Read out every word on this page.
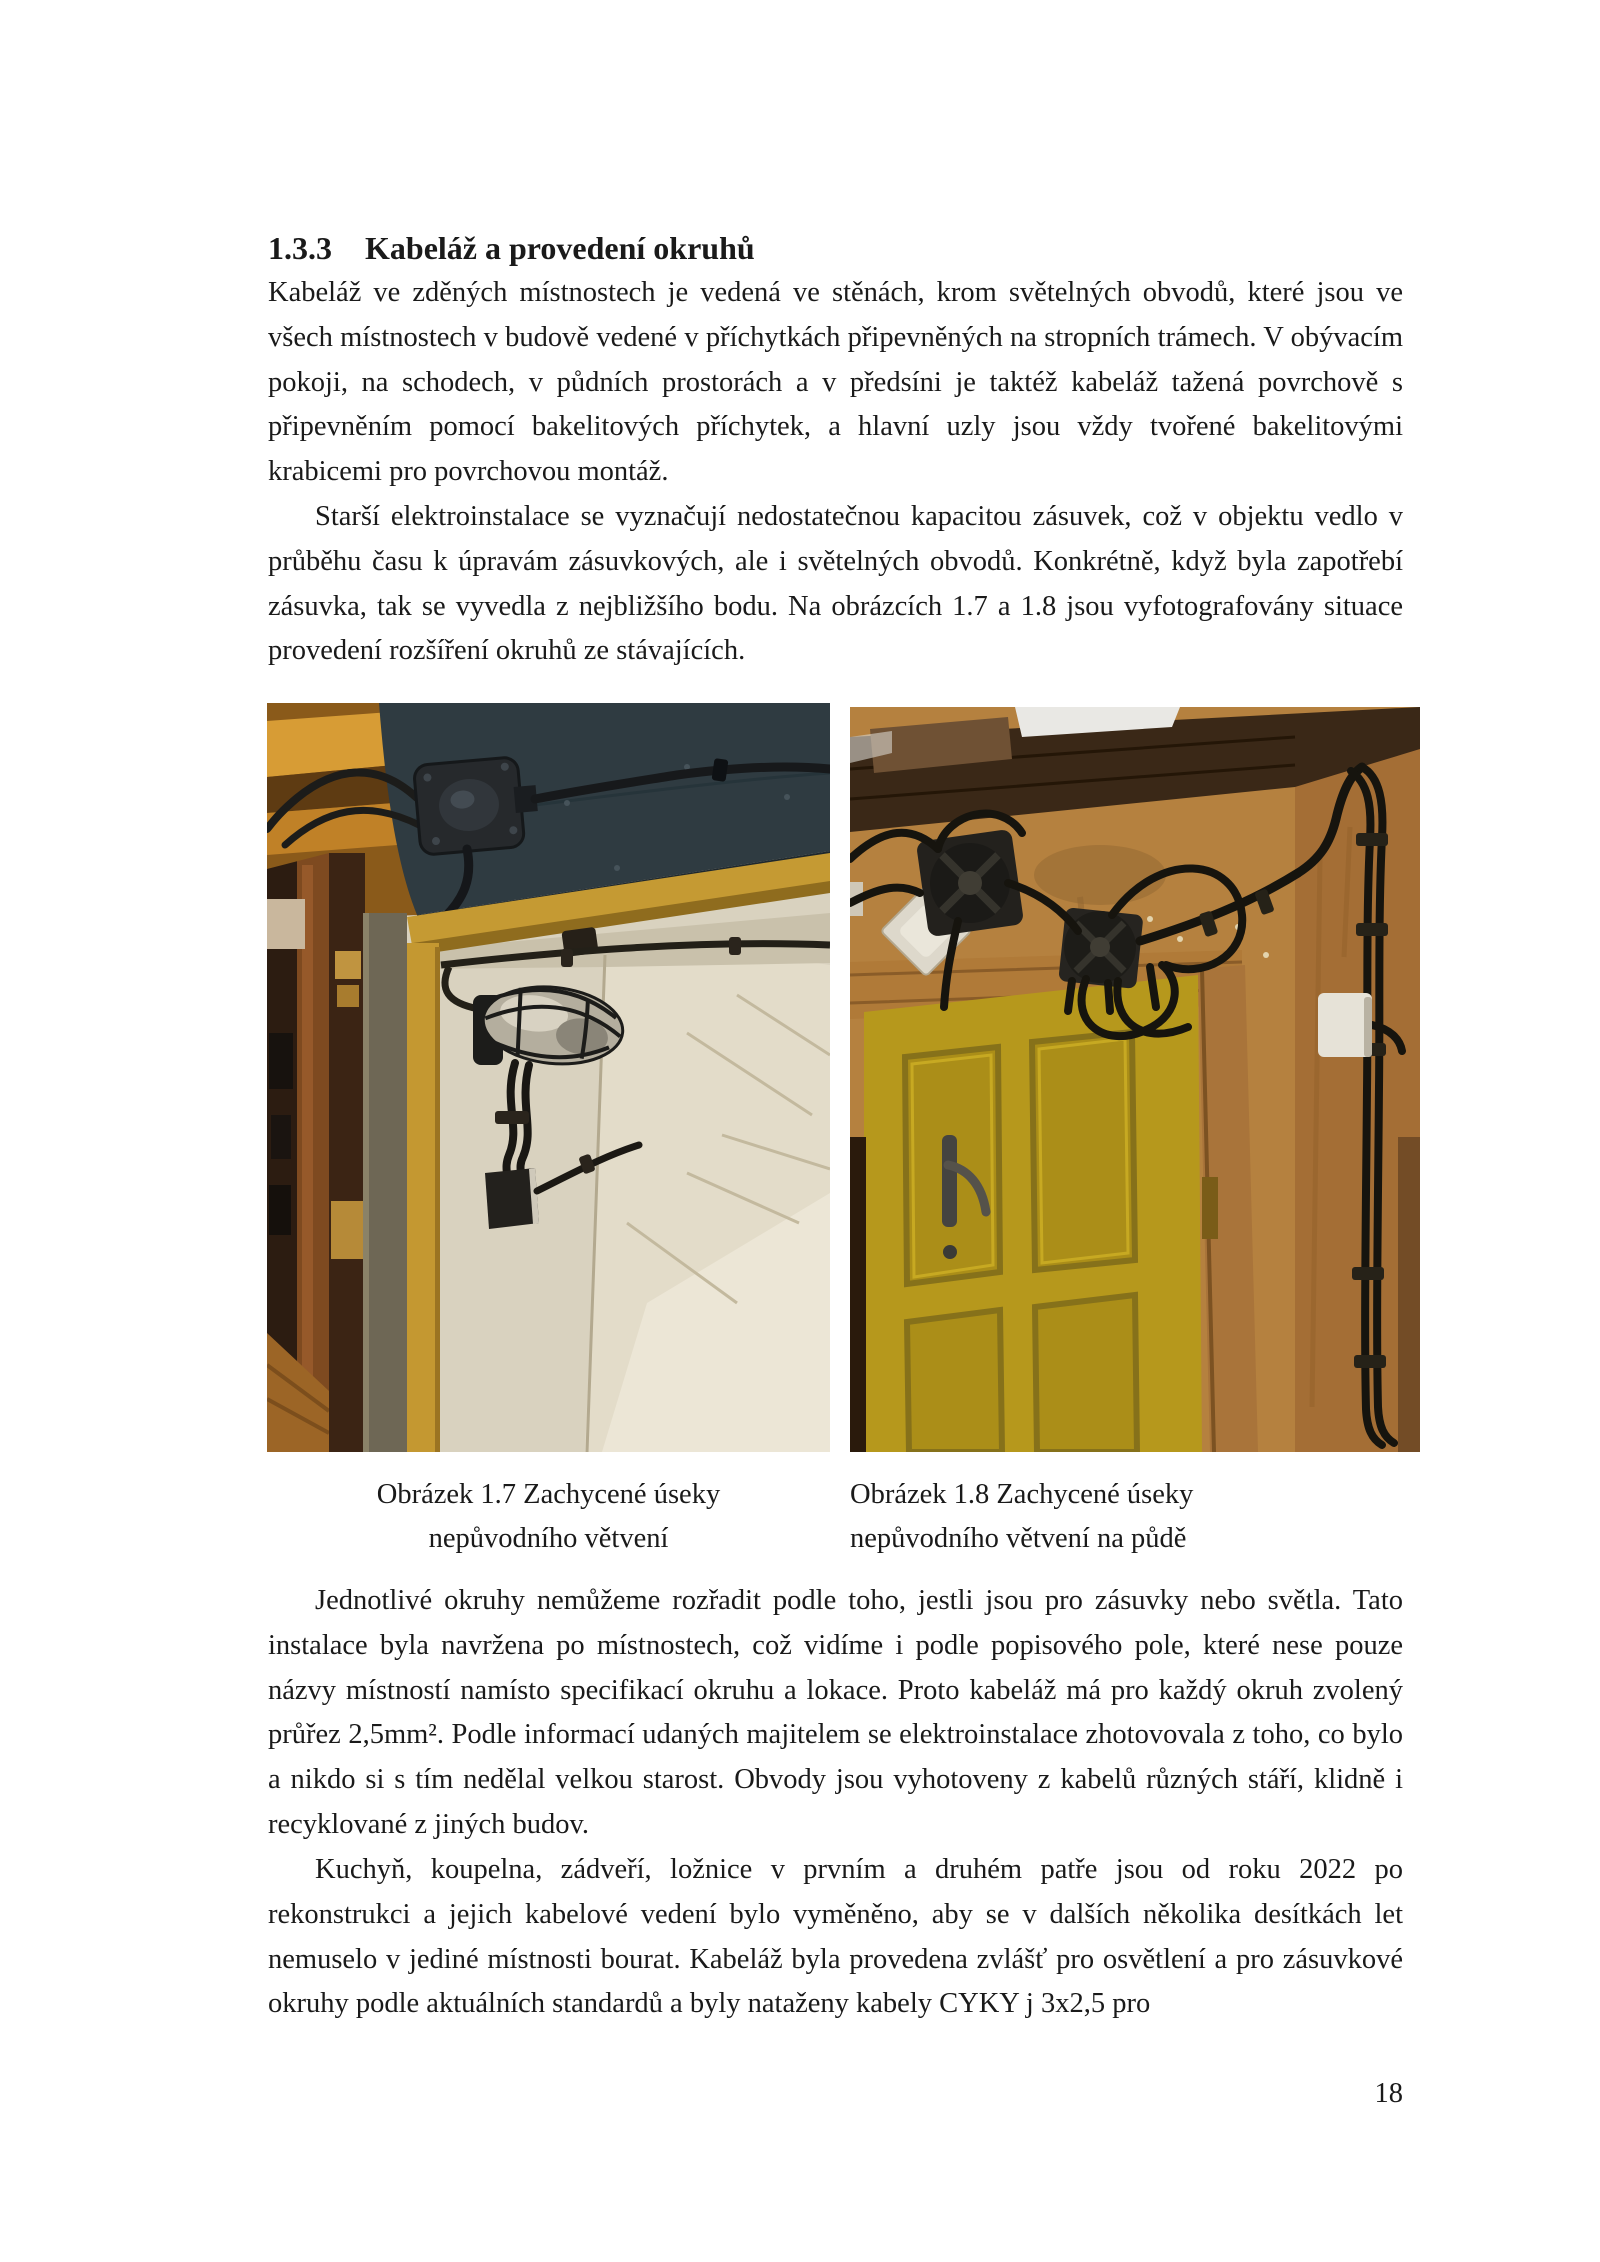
1.3.3 Kabeláž a provedení okruhů

Kabeláž ve zděných místnostech je vedená ve stěnách, krom světelných obvodů, které jsou ve všech místnostech v budově vedené v příchytkách připevněných na stropních trámech. V obývacím pokoji, na schodech, v půdních prostorách a v předsíni je taktéž kabeláž tažená povrchově s připevněním pomocí bakelitových příchytek, a hlavní uzly jsou vždy tvořené bakelitovými krabicemi pro povrchovou montáž.

Starší elektroinstalace se vyznačují nedostatečnou kapacitou zásuvek, což v objektu vedlo v průběhu času k úpravám zásuvkových, ale i světelných obvodů. Konkrétně, když byla zapotřebí zásuvka, tak se vyvedla z nejbližšího bodu. Na obrázcích 1.7 a 1.8 jsou vyfotografovány situace provedení rozšíření okruhů ze stávajících.

Obrázek 1.7 Zachycené úseky
nepůvodního větvení

Obrázek 1.8 Zachycené úseky
nepůvodního větvení na půdě

Jednotlivé okruhy nemůžeme rozřadit podle toho, jestli jsou pro zásuvky nebo světla. Tato instalace byla navržena po místnostech, což vidíme i podle popisového pole, které nese pouze názvy místností namísto specifikací okruhu a lokace. Proto kabeláž má pro každý okruh zvolený průřez 2,5mm². Podle informací udaných majitelem se elektroinstalace zhotovovala z toho, co bylo a nikdo si s tím nedělal velkou starost. Obvody jsou vyhotoveny z kabelů různých stáří, klidně i recyklované z jiných budov.

Kuchyň, koupelna, zádveří, ložnice v prvním a druhém patře jsou od roku 2022 po rekonstrukci a jejich kabelové vedení bylo vyměněno, aby se v dalších několika desítkách let nemuselo v jediné místnosti bourat. Kabeláž byla provedena zvlášť pro osvětlení a pro zásuvkové okruhy podle aktuálních standardů a byly nataženy kabely CYKY j 3x2,5 pro

18
